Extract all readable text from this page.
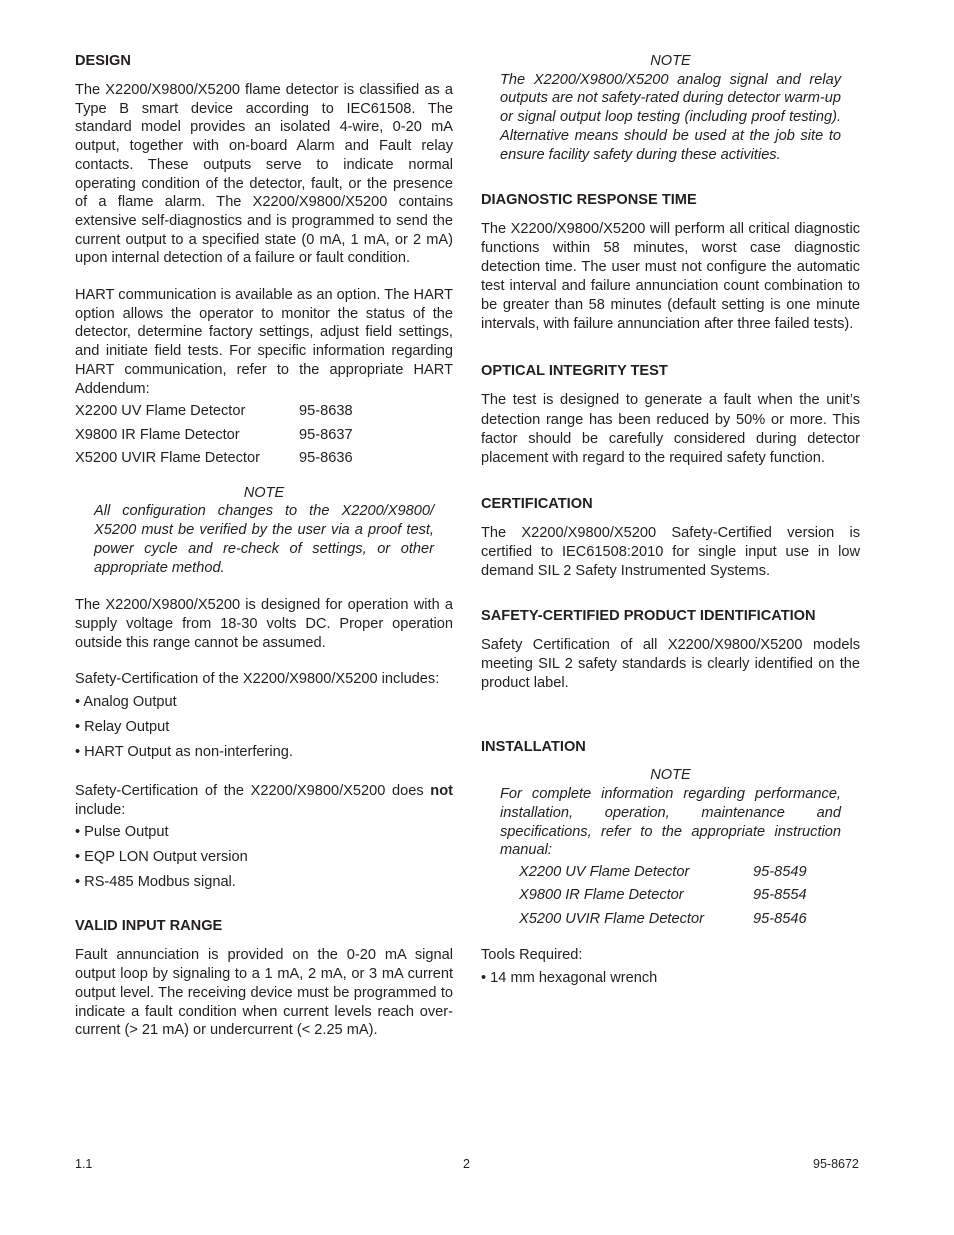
DESIGN

The X2200/X9800/X5200 flame detector is classified as a Type B smart device according to IEC61508. The standard model provides an isolated 4-wire, 0-20 mA output, together with on-board Alarm and Fault relay contacts. These outputs serve to indicate normal operating condition of the detector, fault, or the presence of a flame alarm. The X2200/X9800/X5200 contains extensive self-diagnostics and is programmed to send the current output to a specified state (0 mA, 1 mA, or 2 mA) upon internal detection of a failure or fault condition.

HART communication is available as an option. The HART option allows the operator to monitor the status of the detector, determine factory settings, adjust field settings, and initiate field tests. For specific information regarding HART communication, refer to the appropriate HART Addendum:

X2200 UV Flame Detector	95-8638
X9800 IR Flame Detector	95-8637
X5200 UVIR Flame Detector	95-8636
NOTE
All configuration changes to the X2200/X9800/ X5200 must be verified by the user via a proof test, power cycle and re-check of settings, or other appropriate method.

The X2200/X9800/X5200 is designed for operation with a supply voltage from 18-30 volts DC. Proper operation outside this range cannot be assumed.

Safety-Certification of the X2200/X9800/X5200 includes:

• Analog Output
• Relay Output
• HART Output as non-interfering.

Safety-Certification of the X2200/X9800/X5200 does not include:

• Pulse Output
• EQP LON Output version
• RS-485 Modbus signal.
VALID INPUT RANGE

Fault annunciation is provided on the 0-20 mA signal output loop by signaling to a 1 mA, 2 mA, or 3 mA current output level. The receiving device must be programmed to indicate a fault condition when current levels reach over-current (> 21 mA) or undercurrent (< 2.25 mA).

NOTE
The X2200/X9800/X5200 analog signal and relay outputs are not safety-rated during detector warm-up or signal output loop testing (including proof testing). Alternative means should be used at the job site to ensure facility safety during these activities.
DIAGNOSTIC RESPONSE TIME

The X2200/X9800/X5200 will perform all critical diagnostic functions within 58 minutes, worst case diagnostic detection time. The user must not configure the automatic test interval and failure annunciation count combination to be greater than 58 minutes (default setting is one minute intervals, with failure annunciation after three failed tests).

OPTICAL INTEGRITY TEST

The test is designed to generate a fault when the unit’s detection range has been reduced by 50% or more. This factor should be carefully considered during detector placement with regard to the required safety function.

CERTIFICATION

The X2200/X9800/X5200 Safety-Certified version is certified to IEC61508:2010 for single input use in low demand SIL 2 Safety Instrumented Systems.

SAFETY-CERTIFIED PRODUCT IDENTIFICATION

Safety Certification of all X2200/X9800/X5200 models meeting SIL 2 safety standards is clearly identified on the product label.

INSTALLATION
NOTE
For complete information regarding performance, installation, operation, maintenance and specifications, refer to the appropriate instruction manual:
X2200 UV Flame Detector	95-8549
X9800 IR Flame Detector	95-8554
X5200 UVIR Flame Detector	95-8546

Tools Required:

• 14 mm hexagonal wrench
1.1	2	95-8672
